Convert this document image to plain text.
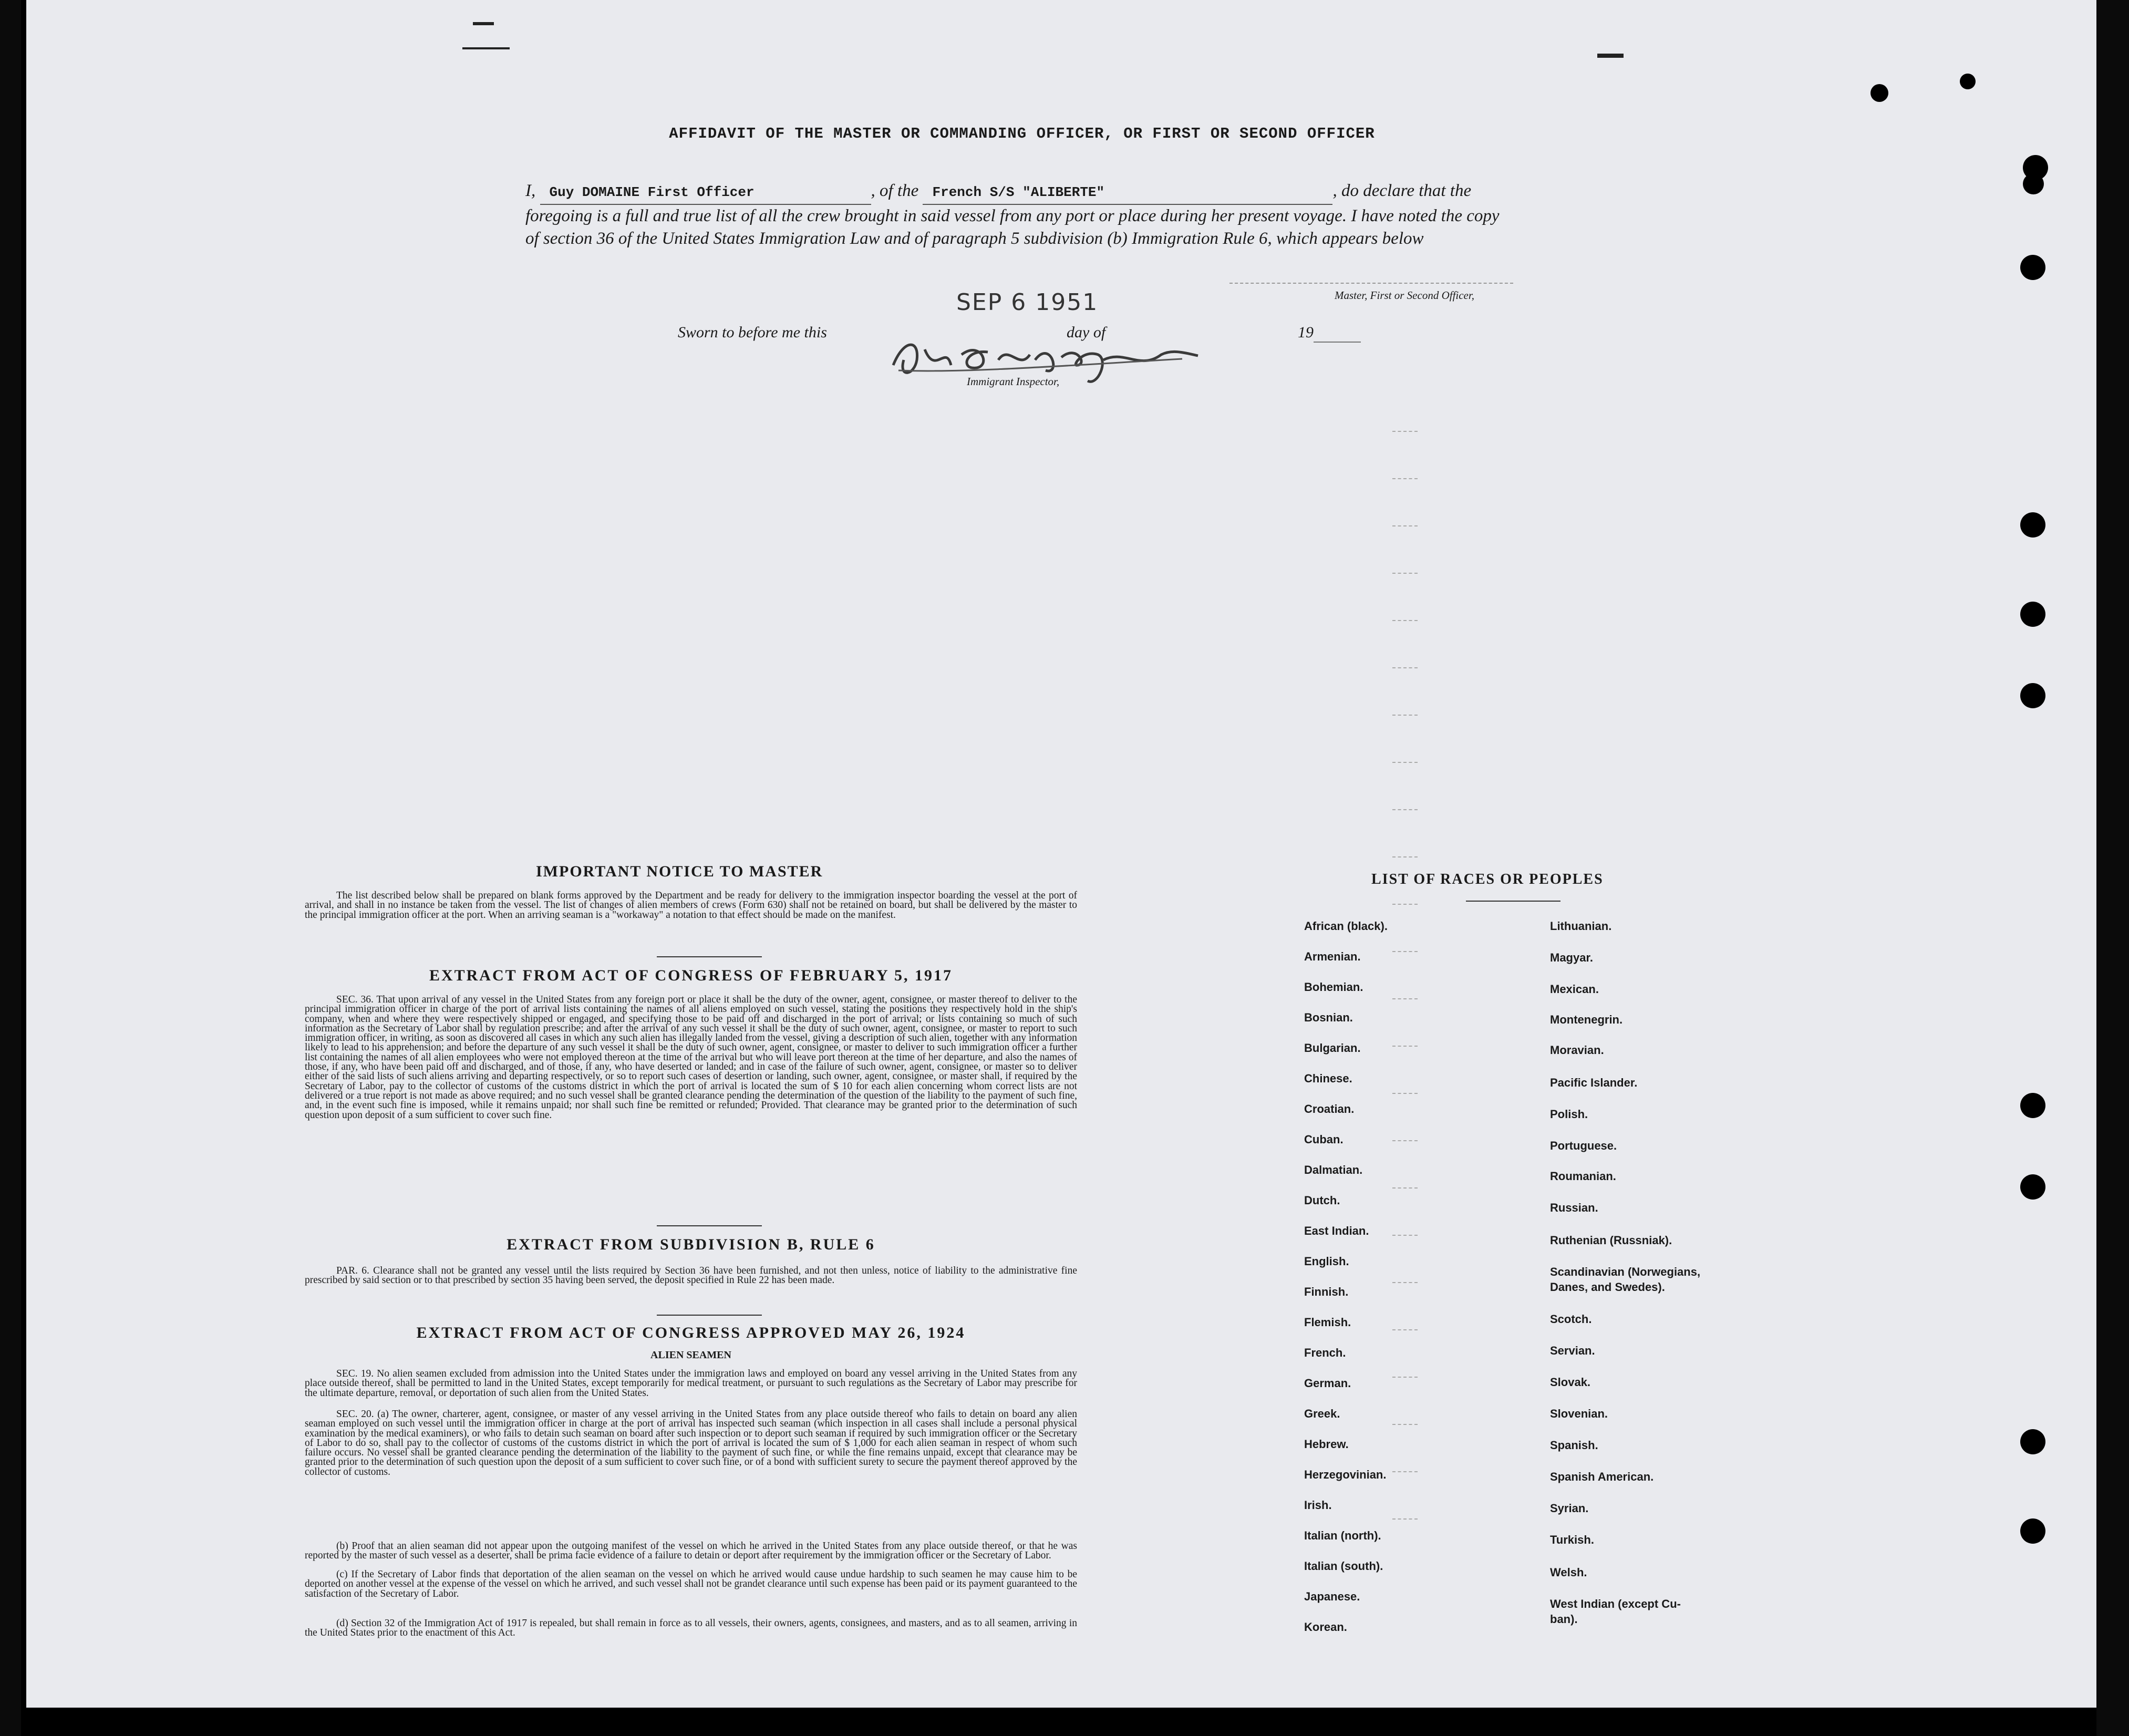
AFFIDAVIT OF THE MASTER OR COMMANDING OFFICER, OR FIRST OR SECOND OFFICER
I, Guy DOMAINE First Officer	, of the French S/S "ALIBERTE"	, do declare that the foregoing is a full and true list of all the crew brought in said vessel from any port or place during her present voyage. I have noted the copy of section 36 of the United States Immigration Law and of paragraph 5 subdivision (b) Immigration Rule 6, which appears below
Master, First or Second Officer,
SEP 6 1951
Sworn to before me this	day of	19
Immigrant Inspector,
IMPORTANT NOTICE TO MASTER
The list described below shall be prepared on blank forms approved by the Department and be ready for delivery to the immigration inspector boarding the vessel at the port of arrival, and shall in no instance be taken from the vessel. The list of changes of alien members of crews (Form 630) shall not be retained on board, but shall be delivered by the master to the principal immigration officer at the port. When an arriving seaman is a "workaway" a notation to that effect should be made on the manifest.
EXTRACT FROM ACT OF CONGRESS OF FEBRUARY 5, 1917
SEC. 36. That upon arrival of any vessel in the United States from any foreign port or place it shall be the duty of the owner, agent, consignee, or master thereof to deliver to the principal immigration officer in charge of the port of arrival lists containing the names of all aliens employed on such vessel, stating the positions they respectively hold in the ship's company, when and where they were respectively shipped or engaged, and specifying those to be paid off and discharged in the port of arrival; or lists containing so much of such information as the Secretary of Labor shall by regulation prescribe; and after the arrival of any such vessel it shall be the duty of such owner, agent, consignee, or master to report to such immigration officer, in writing, as soon as discovered all cases in which any such alien has illegally landed from the vessel, giving a description of such alien, together with any information likely to lead to his apprehension; and before the departure of any such vessel it shall be the duty of such owner, agent, consignee, or master to deliver to such immigration officer a further list containing the names of all alien employees who were not employed thereon at the time of the arrival but who will leave port thereon at the time of her departure, and also the names of those, if any, who have been paid off and discharged, and of those, if any, who have deserted or landed; and in case of the failure of such owner, agent, consignee, or master so to deliver either of the said lists of such aliens arriving and departing respectively, or so to report such cases of desertion or landing, such owner, agent, consignee, or master shall, if required by the Secretary of Labor, pay to the collector of customs of the customs district in which the port of arrival is located the sum of $ 10 for each alien concerning whom correct lists are not delivered or a true report is not made as above required; and no such vessel shall be granted clearance pending the determination of the question of the liability to the payment of such fine, and, in the event such fine is imposed, while it remains unpaid; nor shall such fine be remitted or refunded; Provided. That clearance may be granted prior to the determination of such question upon deposit of a sum sufficient to cover such fine.
EXTRACT FROM SUBDIVISION B, RULE 6
PAR. 6. Clearance shall not be granted any vessel until the lists required by Section 36 have been furnished, and not then unless, notice of liability to the administrative fine prescribed by said section or to that prescribed by section 35 having been served, the deposit specified in Rule 22 has been made.
EXTRACT FROM ACT OF CONGRESS APPROVED MAY 26, 1924
ALIEN SEAMEN
SEC. 19. No alien seamen excluded from admission into the United States under the immigration laws and employed on board any vessel arriving in the United States from any place outside thereof, shall be permitted to land in the United States, except temporarily for medical treatment, or pursuant to such regulations as the Secretary of Labor may prescribe for the ultimate departure, removal, or deportation of such alien from the United States.
SEC. 20. (a) The owner, charterer, agent, consignee, or master of any vessel arriving in the United States from any place outside thereof who fails to detain on board any alien seaman employed on such vessel until the immigration officer in charge at the port of arrival has inspected such seaman (which inspection in all cases shall include a personal physical examination by the medical examiners), or who fails to detain such seaman on board after such inspection or to deport such seaman if required by such immigration officer or the Secretary of Labor to do so, shall pay to the collector of customs of the customs district in which the port of arrival is located the sum of $ 1,000 for each alien seaman in respect of whom such failure occurs. No vessel shall be granted clearance pending the determination of the liability to the payment of such fine, or while the fine remains unpaid, except that clearance may be granted prior to the determination of such question upon the deposit of a sum sufficient to cover such fine, or of a bond with sufficient surety to secure the payment thereof approved by the collector of customs.
(b) Proof that an alien seaman did not appear upon the outgoing manifest of the vessel on which he arrived in the United States from any place outside thereof, or that he was reported by the master of such vessel as a deserter, shall be prima facie evidence of a failure to detain or deport after requirement by the immigration officer or the Secretary of Labor.
(c) If the Secretary of Labor finds that deportation of the alien seaman on the vessel on which he arrived would cause undue hardship to such seamen he may cause him to be deported on another vessel at the expense of the vessel on which he arrived, and such vessel shall not be grandet clearance until such expense has been paid or its payment guaranteed to the satisfaction of the Secretary of Labor.
(d) Section 32 of the Immigration Act of 1917 is repealed, but shall remain in force as to all vessels, their owners, agents, consignees, and masters, and as to all seamen, arriving in the United States prior to the enactment of this Act.
LIST OF RACES OR PEOPLES
African (black).
Armenian.
Bohemian.
Bosnian.
Bulgarian.
Chinese.
Croatian.
Cuban.
Dalmatian.
Dutch.
East Indian.
English.
Finnish.
Flemish.
French.
German.
Greek.
Hebrew.
Herzegovinian.
Irish.
Italian (north).
Italian (south).
Japanese.
Korean.
Lithuanian.
Magyar.
Mexican.
Montenegrin.
Moravian.
Pacific Islander.
Polish.
Portuguese.
Roumanian.
Russian.
Ruthenian (Russniak).
Scandinavian (Norwegians,
Danes, and Swedes).
Scotch.
Servian.
Slovak.
Slovenian.
Spanish.
Spanish American.
Syrian.
Turkish.
Welsh.
West Indian (except Cu-
ban).
